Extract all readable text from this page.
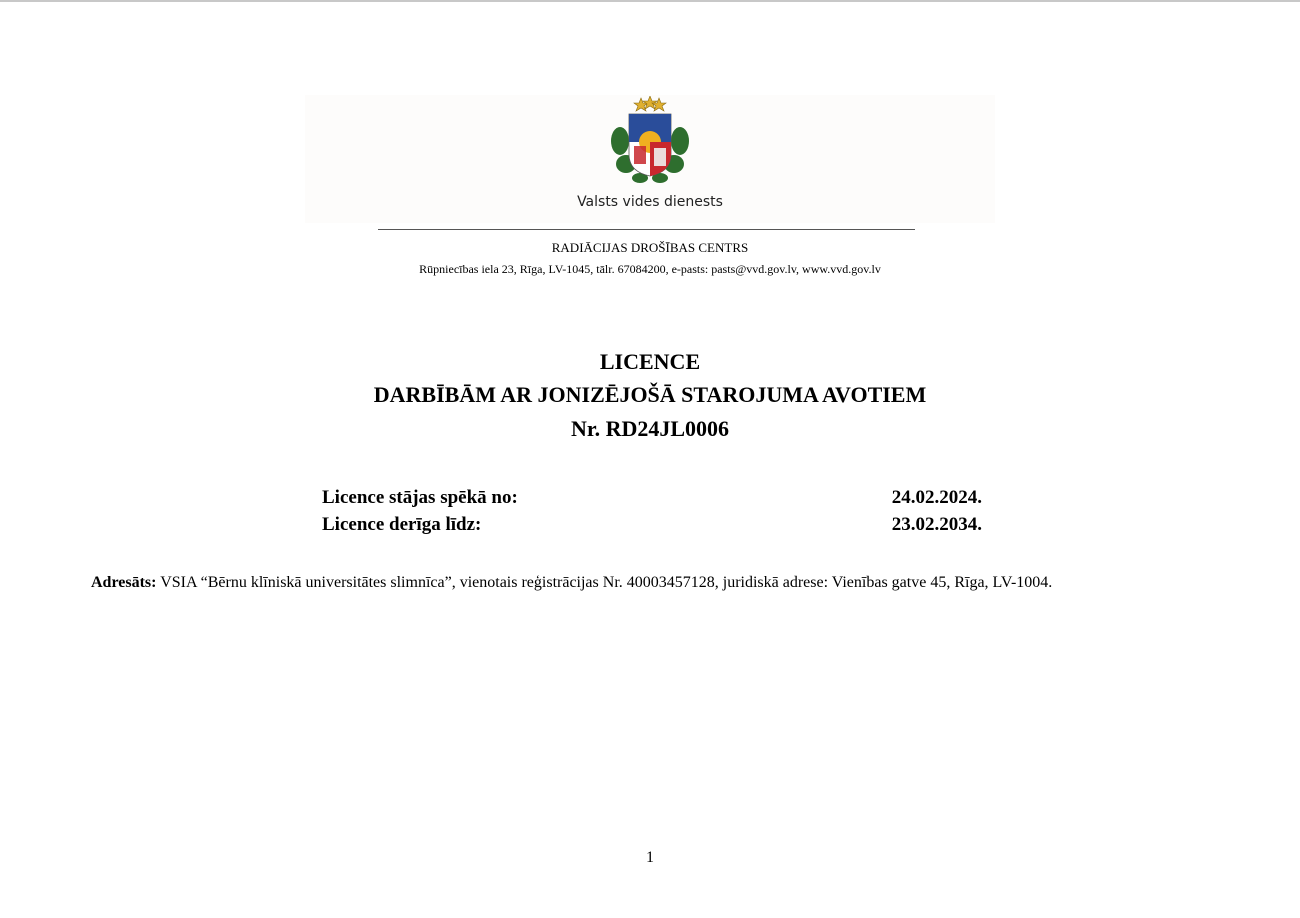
Valsts vides dienests
RADIĀCIJAS DROŠĪBAS CENTRS
Rūpniecības iela 23, Rīga, LV-1045, tālr. 67084200, e-pasts: pasts@vvd.gov.lv, www.vvd.gov.lv
LICENCE
DARBĪBĀM AR JONIZĒJOŠĀ STAROJUMA AVOTIEM
Nr. RD24JL0006
Licence stājas spēkā no:	24.02.2024.
Licence derīga līdz:	23.02.2034.
Adresāts: VSIA “Bērnu klīniskā universitātes slimnīca”, vienotais reģistrācijas Nr. 40003457128, juridiskā adrese: Vienības gatve 45, Rīga, LV-1004.
1
